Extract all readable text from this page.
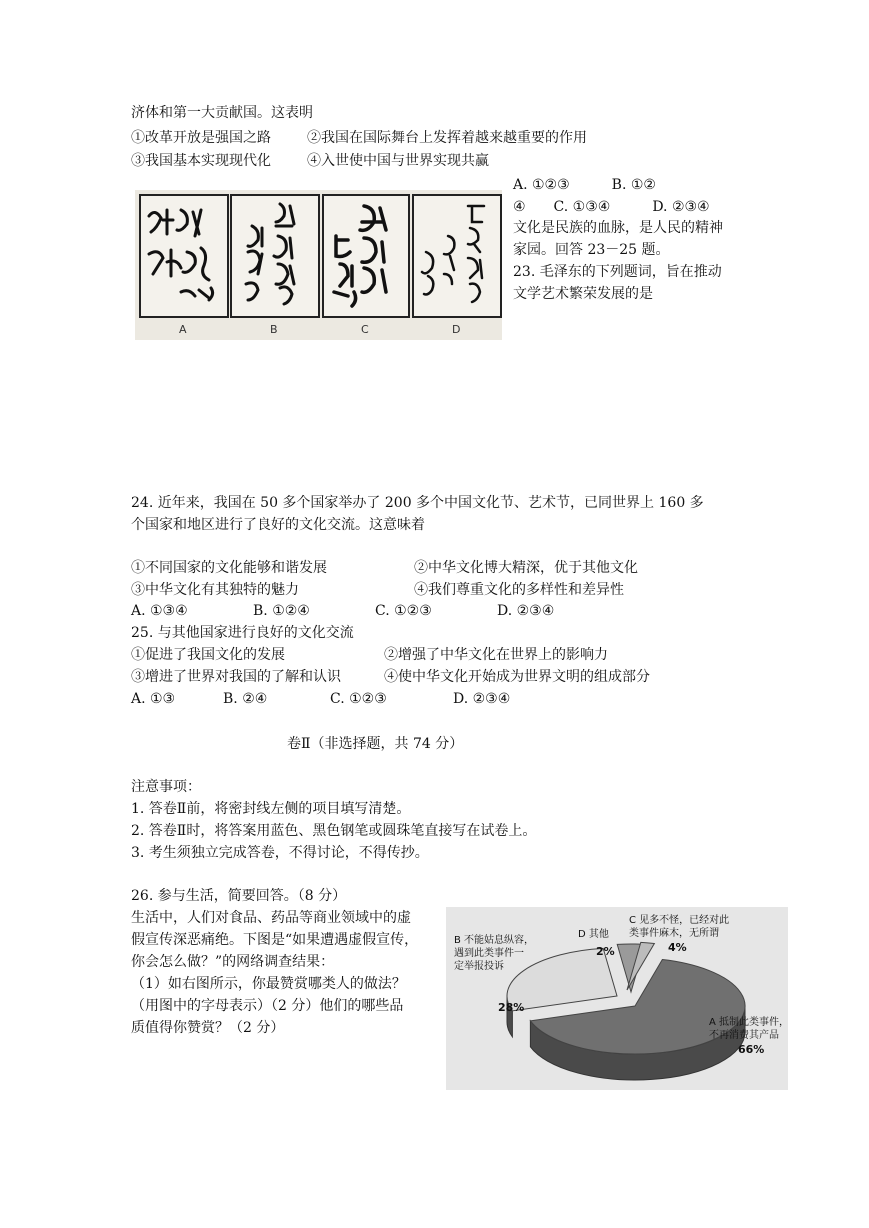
济体和第一大贡献国。这表明
①改革开放是强国之路	②我国在国际舞台上发挥着越来越重要的作用
③我国基本实现现代化	④入世使中国与世界实现共赢
A	B	C	D
A. ①②③　　　B. ①②
④　　C. ①③④　　　D. ②③④
文化是民族的血脉，是人民的精神
家园。回答 23－25 题。
23. 毛泽东的下列题词，旨在推动
文学艺术繁荣发展的是
24. 近年来，我国在 50 多个国家举办了 200 多个中国文化节、艺术节，已同世界上 160 多
个国家和地区进行了良好的文化交流。这意味着
①不同国家的文化能够和谐发展	②中华文化博大精深，优于其他文化
③中华文化有其独特的魅力	④我们尊重文化的多样性和差异性
A. ①③④	B. ①②④	C. ①②③	D. ②③④
25. 与其他国家进行良好的文化交流
①促进了我国文化的发展	②增强了中华文化在世界上的影响力
③增进了世界对我国的了解和认识	④使中华文化开始成为世界文明的组成部分
A. ①③	B. ②④	C. ①②③	D. ②③④
卷Ⅱ（非选择题，共 74 分）
注意事项：
1. 答卷Ⅱ前，将密封线左侧的项目填写清楚。
2. 答卷Ⅱ时，将答案用蓝色、黑色钢笔或圆珠笔直接写在试卷上。
3. 考生须独立完成答卷，不得讨论，不得传抄。
26. 参与生活，简要回答。（8 分）
生活中，人们对食品、药品等商业领域中的虚
假宣传深恶痛绝。下图是“如果遭遇虚假宣传，
你会怎么做？”的网络调查结果：
（1）如右图所示，你最赞赏哪类人的做法？
（用图中的字母表示）（2 分）他们的哪些品
质值得你赞赏？（2 分）
B 不能姑息纵容，
遇到此类事件一
定举报投诉
D 其他
C 见多不怪，已经对此
类事件麻木，无所谓
A 抵制此类事件，
不再消费其产品
28%
2%	4%
66%
